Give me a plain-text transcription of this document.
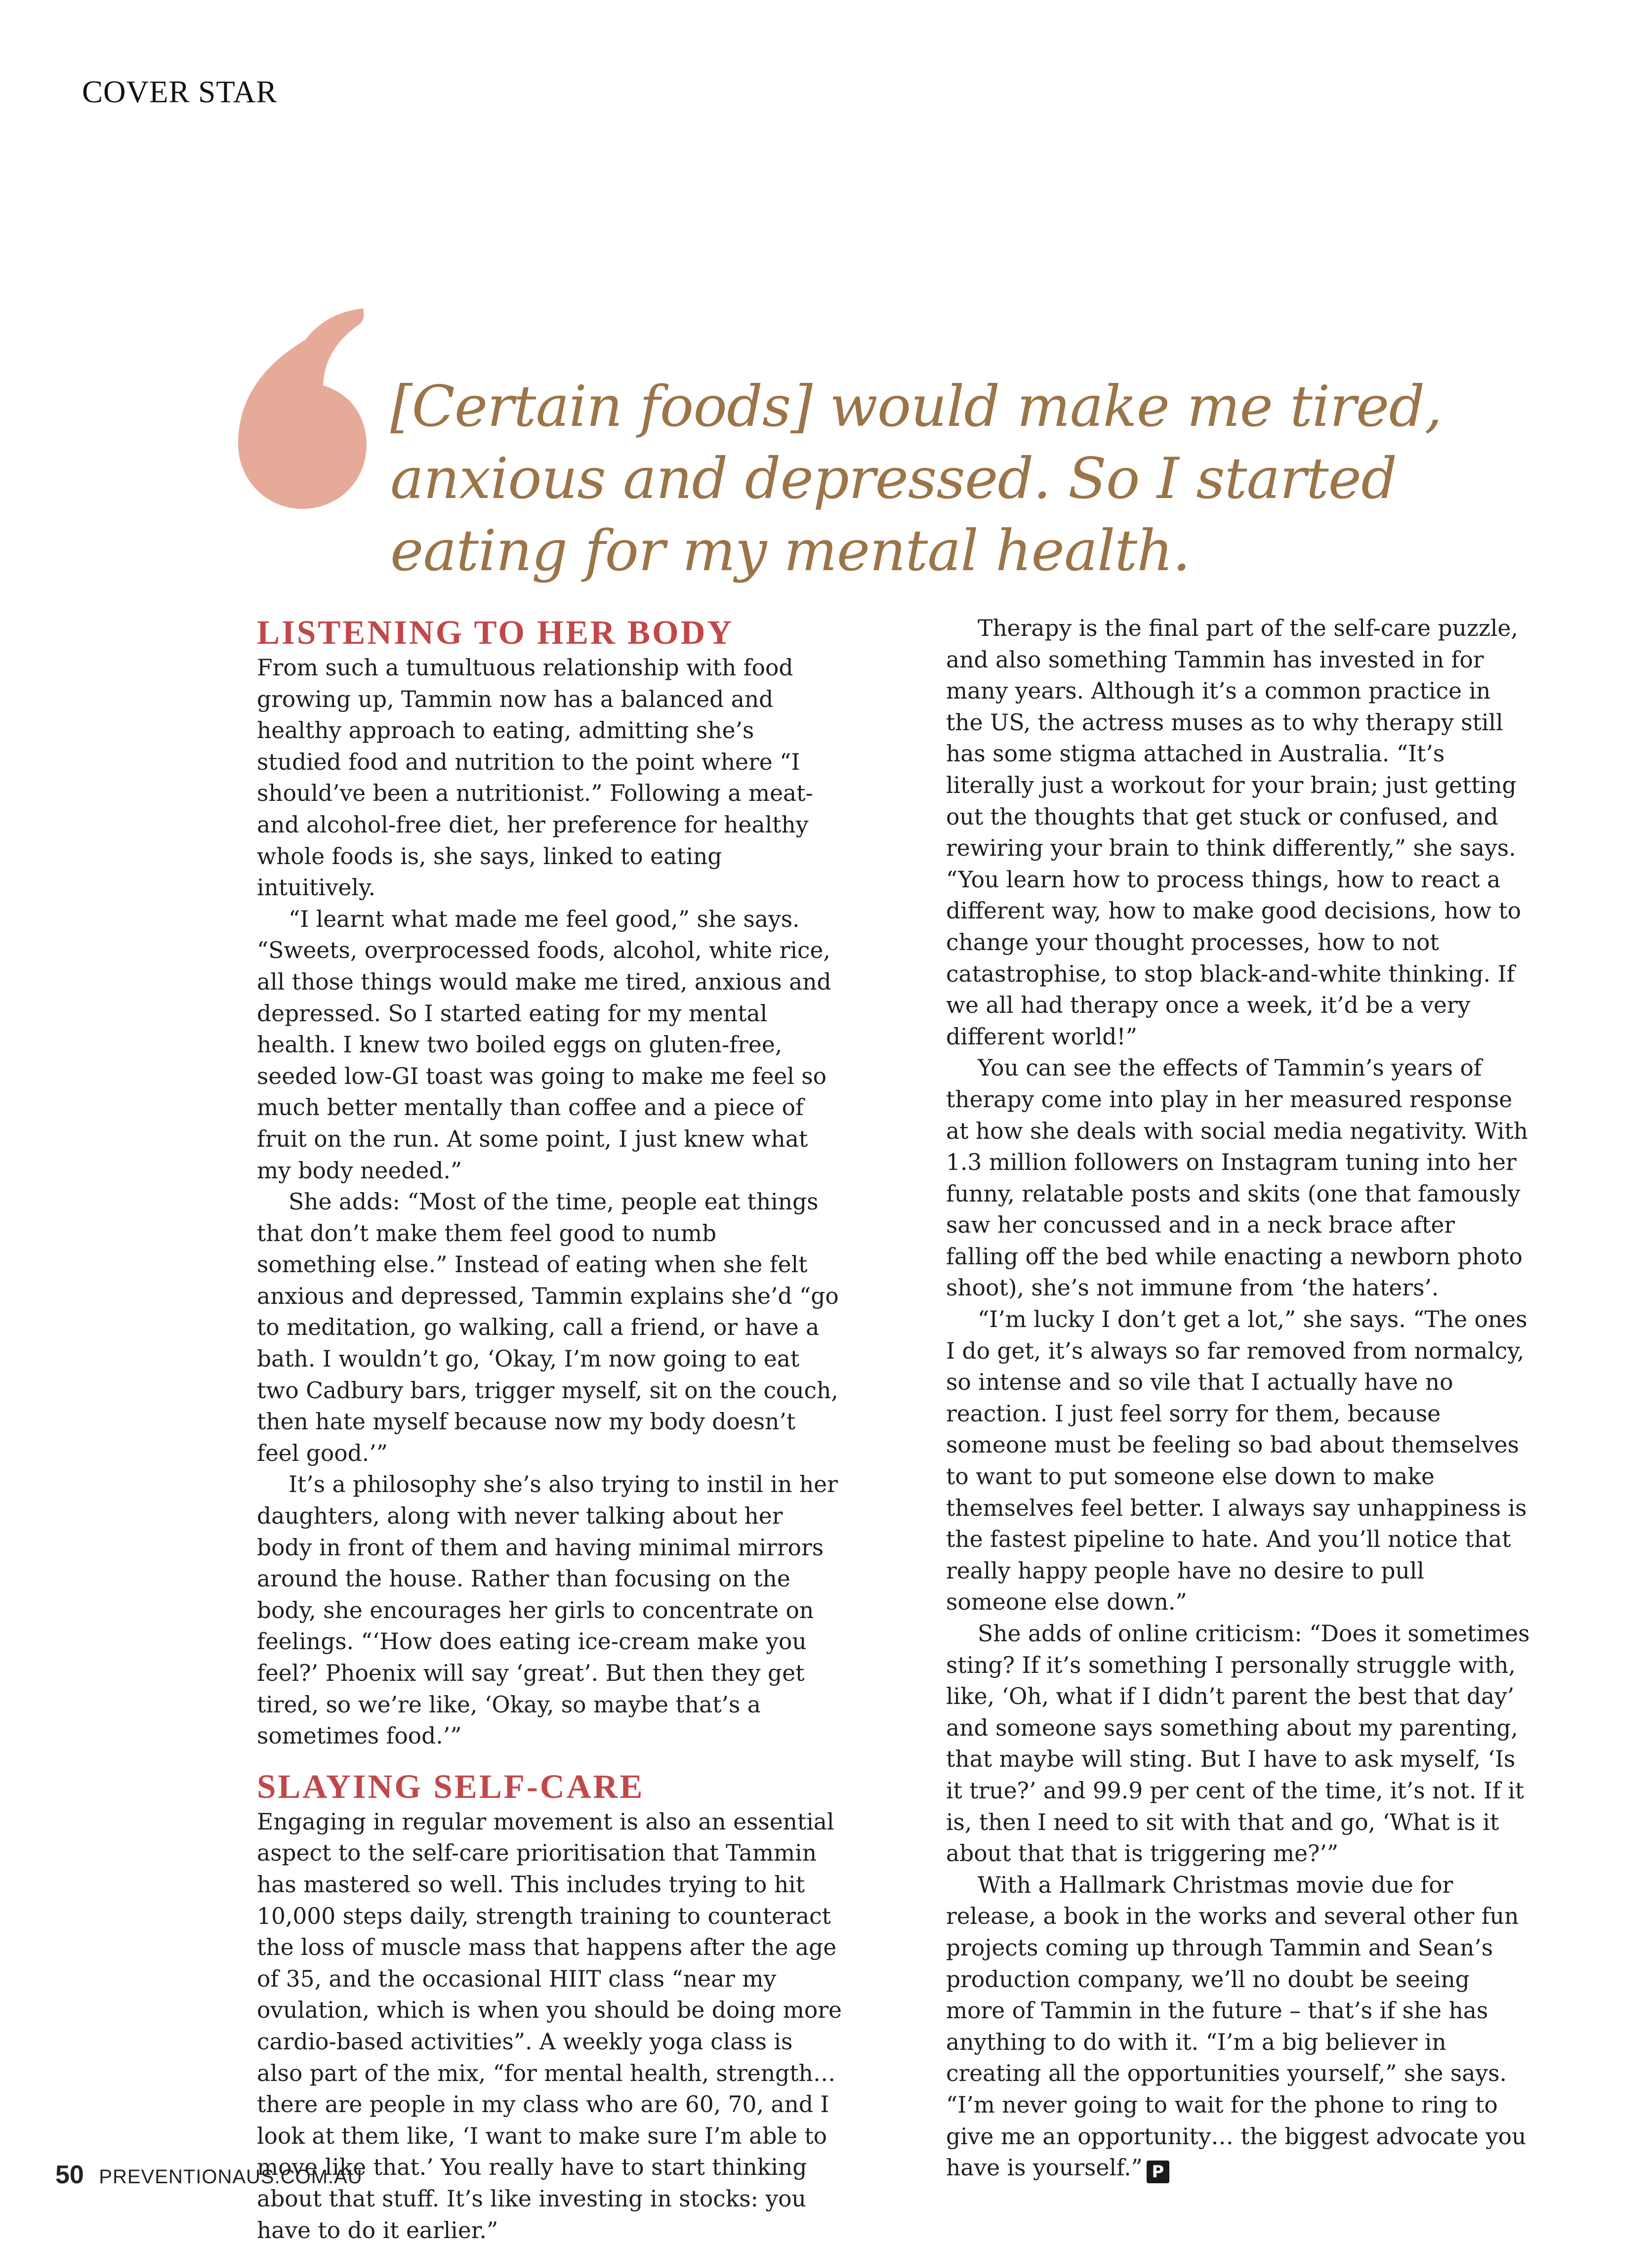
COVER STAR
[Certain foods] would make me tired, anxious and depressed. So I started eating for my mental health.
LISTENING TO HER BODY

From such a tumultuous relationship with food growing up, Tammin now has a balanced and healthy approach to eating, admitting she’s studied food and nutrition to the point where “I should’ve been a nutritionist.” Following a meat- and alcohol-free diet, her preference for healthy whole foods is, she says, linked to eating intuitively.

“I learnt what made me feel good,” she says. “Sweets, overprocessed foods, alcohol, white rice, all those things would make me tired, anxious and depressed. So I started eating for my mental health. I knew two boiled eggs on gluten-free, seeded low-GI toast was going to make me feel so much better mentally than coffee and a piece of fruit on the run. At some point, I just knew what my body needed.”

She adds: “Most of the time, people eat things that don’t make them feel good to numb something else.” Instead of eating when she felt anxious and depressed, Tammin explains she’d “go to meditation, go walking, call a friend, or have a bath. I wouldn’t go, ‘Okay, I’m now going to eat two Cadbury bars, trigger myself, sit on the couch, then hate myself because now my body doesn’t feel good.’”

It’s a philosophy she’s also trying to instil in her daughters, along with never talking about her body in front of them and having minimal mirrors around the house. Rather than focusing on the body, she encourages her girls to concentrate on feelings. “‘How does eating ice-cream make you feel?’ Phoenix will say ‘great’. But then they get tired, so we’re like, ‘Okay, so maybe that’s a sometimes food.’”

SLAYING SELF-CARE

Engaging in regular movement is also an essential aspect to the self-care prioritisation that Tammin has mastered so well. This includes trying to hit 10,000 steps daily, strength training to counteract the loss of muscle mass that happens after the age of 35, and the occasional HIIT class “near my ovulation, which is when you should be doing more cardio-based activities”. A weekly yoga class is also part of the mix, “for mental health, strength… there are people in my class who are 60, 70, and I look at them like, ‘I want to make sure I’m able to move like that.’ You really have to start thinking about that stuff. It’s like investing in stocks: you have to do it earlier.”

Therapy is the final part of the self-care puzzle, and also something Tammin has invested in for many years. Although it’s a common practice in the US, the actress muses as to why therapy still has some stigma attached in Australia. “It’s literally just a workout for your brain; just getting out the thoughts that get stuck or confused, and rewiring your brain to think differently,” she says. “You learn how to process things, how to react a different way, how to make good decisions, how to change your thought processes, how to not catastrophise, to stop black-and-white thinking. If we all had therapy once a week, it’d be a very different world!”

You can see the effects of Tammin’s years of therapy come into play in her measured response at how she deals with social media negativity. With 1.3 million followers on Instagram tuning into her funny, relatable posts and skits (one that famously saw her concussed and in a neck brace after falling off the bed while enacting a newborn photo shoot), she’s not immune from ‘the haters’.

“I’m lucky I don’t get a lot,” she says. “The ones I do get, it’s always so far removed from normalcy, so intense and so vile that I actually have no reaction. I just feel sorry for them, because someone must be feeling so bad about themselves to want to put someone else down to make themselves feel better. I always say unhappiness is the fastest pipeline to hate. And you’ll notice that really happy people have no desire to pull someone else down.”

She adds of online criticism: “Does it sometimes sting? If it’s something I personally struggle with, like, ‘Oh, what if I didn’t parent the best that day’ and someone says something about my parenting, that maybe will sting. But I have to ask myself, ‘Is it true?’ and 99.9 per cent of the time, it’s not. If it is, then I need to sit with that and go, ‘What is it about that that is triggering me?’”

With a Hallmark Christmas movie due for release, a book in the works and several other fun projects coming up through Tammin and Sean’s production company, we’ll no doubt be seeing more of Tammin in the future – that’s if she has anything to do with it. “I’m a big believer in creating all the opportunities yourself,” she says. “I’m never going to wait for the phone to ring to give me an opportunity… the biggest advocate you have is yourself.” P

50 PREVENTIONAUS.COM.AU
